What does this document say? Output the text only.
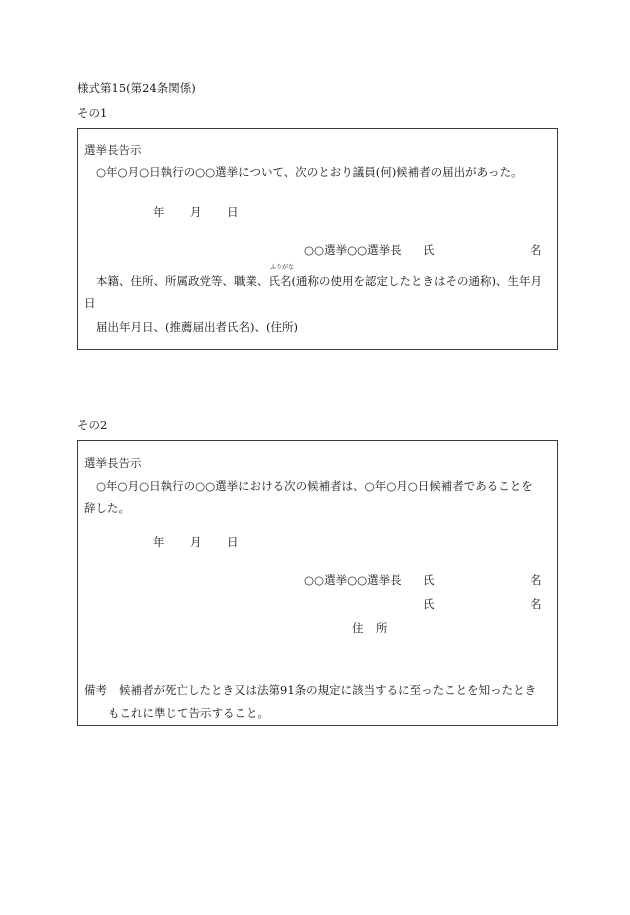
様式第15(第24条関係)
その1
選挙長告示
○年○月○日執行の○○選挙について、次のとおり議員(何)候補者の届出があった。
年 月 日
○○選挙○○選挙長 氏	名
ふりがな
本籍、住所、所属政党等、職業、氏名(通称の使用を認定したときはその通称)、生年月
日
届出年月日、(推薦届出者氏名)、(住所)
その2
選挙長告示
○年○月○日執行の○○選挙における次の候補者は、○年○月○日候補者であることを
辞した。
年 月 日
○○選挙○○選挙長 氏	名
氏	名
住 所
備考 候補者が死亡したとき又は法第91条の規定に該当するに至ったことを知ったとき
もこれに準じて告示すること。
